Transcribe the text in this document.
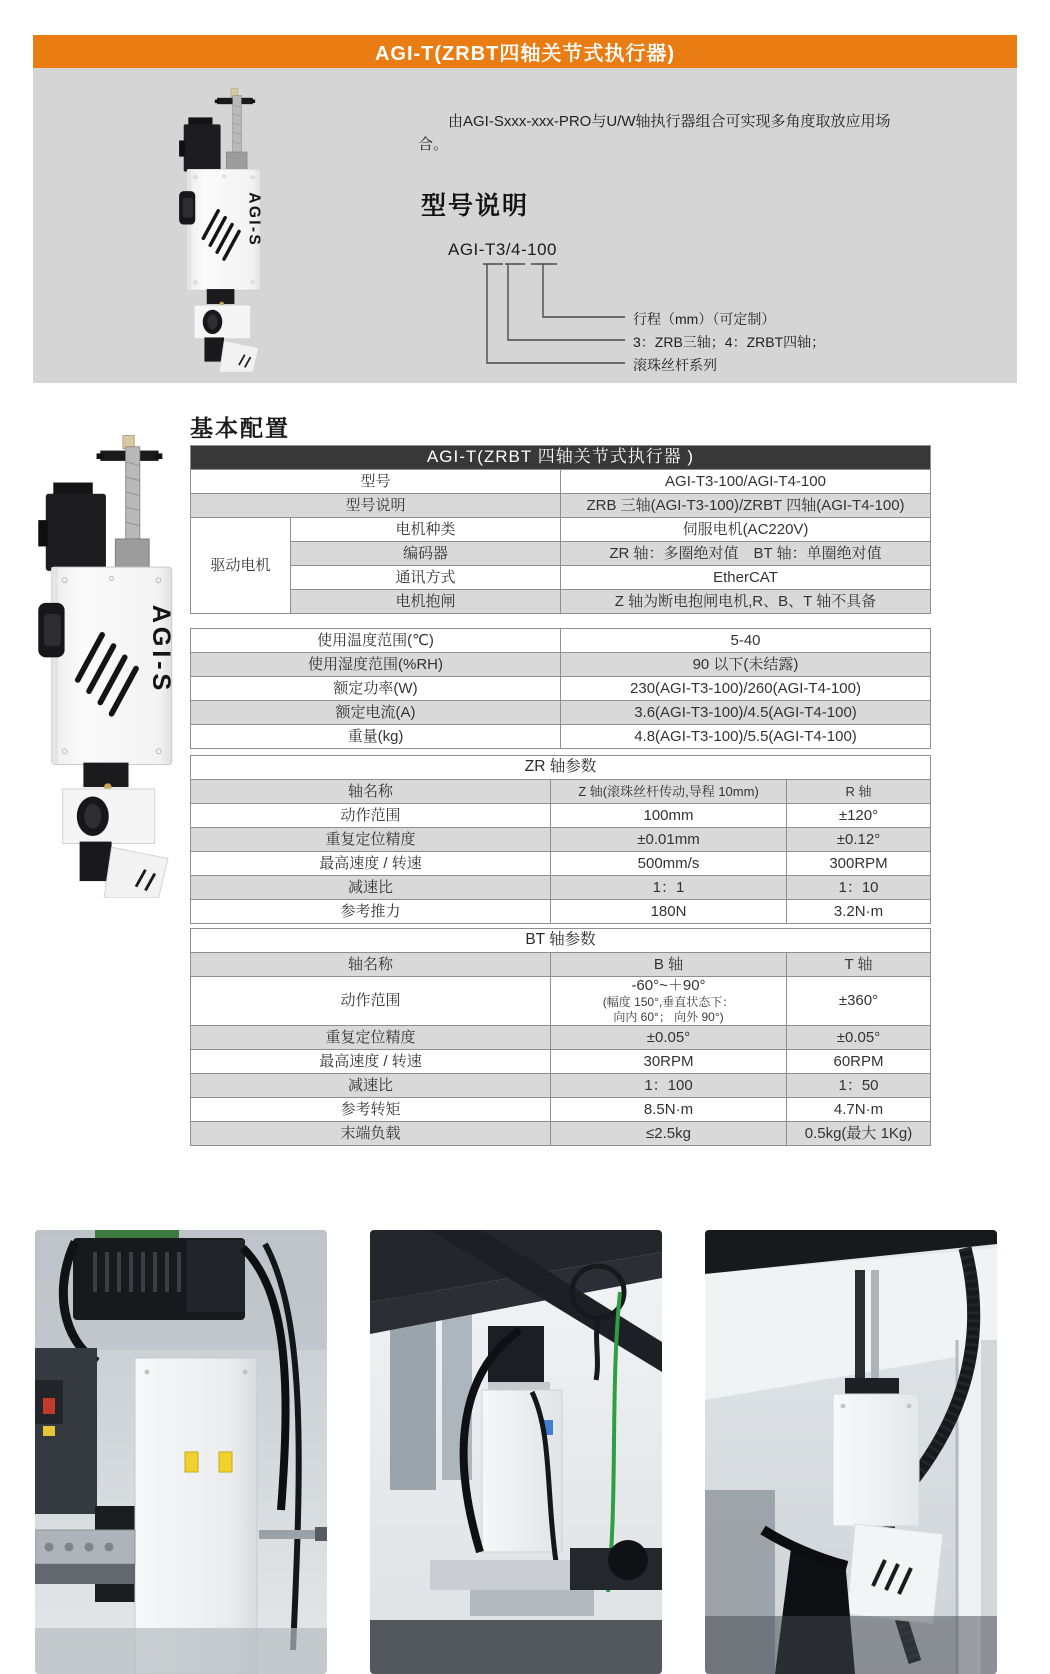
AGI-T(ZRBT四轴关节式执行器)
由AGI-Sxxx-xxx-PRO与U/W轴执行器组合可实现多角度取放应用场合。
型号说明
AGI-T3/4-100
行程（mm）（可定制）
3：ZRB三轴；4：ZRBT四轴；
滚珠丝杆系列
基本配置
AGI-T(ZRBT 四轴关节式执行器 )		
型号		AGI-T3-100/AGI-T4-100
型号说明		ZRB 三轴(AGI-T3-100)/ZRBT 四轴(AGI-T4-100)
驱动电机	电机种类	伺服电机(AC220V)
	编码器	ZR 轴：多圈绝对值　BT 轴：单圈绝对值
	通讯方式	EtherCAT
	电机抱闸	Z 轴为断电抱闸电机,R、B、T 轴不具备
使用温度范围(℃)	5-40
使用湿度范围(%RH)	90 以下(未结露)
额定功率(W)	230(AGI-T3-100)/260(AGI-T4-100)
额定电流(A)	3.6(AGI-T3-100)/4.5(AGI-T4-100)
重量(kg)	4.8(AGI-T3-100)/5.5(AGI-T4-100)
ZR 轴参数		
轴名称	Z 轴(滚珠丝杆传动,导程 10mm)	R 轴
动作范围	100mm	±120°
重复定位精度	±0.01mm	±0.12°
最高速度 / 转速	500mm/s	300RPM
减速比	1：1	1：10
参考推力	180N	3.2N·m
BT 轴参数		
轴名称	B 轴	T 轴
动作范围	-60°~＋90°
(幅度 150°,垂直状态下：
向内 60°； 向外 90°)	±360°
重复定位精度	±0.05°	±0.05°
最高速度 / 转速	30RPM	60RPM
减速比	1：100	1：50
参考转矩	8.5N·m	4.7N·m
末端负载	≤2.5kg	0.5kg(最大 1Kg)
